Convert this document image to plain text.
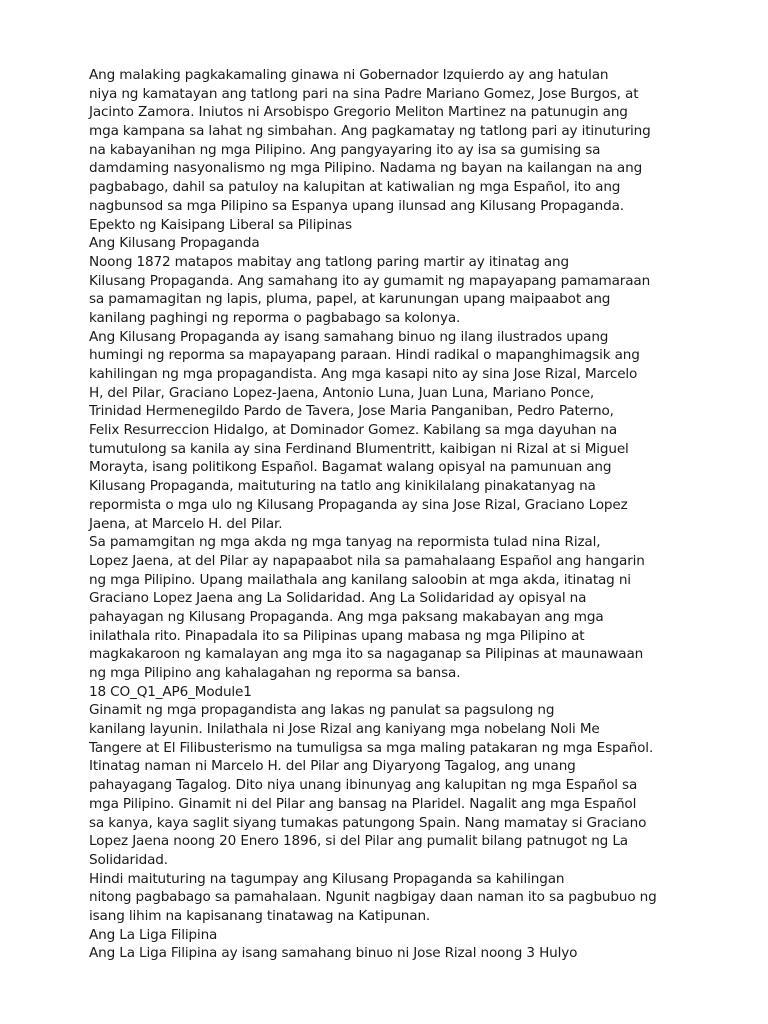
Ang malaking pagkakamaling ginawa ni Gobernador Izquierdo ay ang hatulan
niya ng kamatayan ang tatlong pari na sina Padre Mariano Gomez, Jose Burgos, at
Jacinto Zamora. Iniutos ni Arsobispo Gregorio Meliton Martinez na patunugin ang
mga kampana sa lahat ng simbahan. Ang pagkamatay ng tatlong pari ay itinuturing
na kabayanihan ng mga Pilipino. Ang pangyayaring ito ay isa sa gumising sa
damdaming nasyonalismo ng mga Pilipino. Nadama ng bayan na kailangan na ang
pagbabago, dahil sa patuloy na kalupitan at katiwalian ng mga Español, ito ang
nagbunsod sa mga Pilipino sa Espanya upang ilunsad ang Kilusang Propaganda.
Epekto ng Kaisipang Liberal sa Pilipinas
Ang Kilusang Propaganda
Noong 1872 matapos mabitay ang tatlong paring martir ay itinatag ang
Kilusang Propaganda. Ang samahang ito ay gumamit ng mapayapang pamamaraan
sa pamamagitan ng lapis, pluma, papel, at karunungan upang maipaabot ang
kanilang paghingi ng reporma o pagbabago sa kolonya.
Ang Kilusang Propaganda ay isang samahang binuo ng ilang ilustrados upang
humingi ng reporma sa mapayapang paraan. Hindi radikal o mapanghimagsik ang
kahilingan ng mga propagandista. Ang mga kasapi nito ay sina Jose Rizal, Marcelo
H, del Pilar, Graciano Lopez-Jaena, Antonio Luna, Juan Luna, Mariano Ponce,
Trinidad Hermenegildo Pardo de Tavera, Jose Maria Panganiban, Pedro Paterno,
Felix Resurreccion Hidalgo, at Dominador Gomez. Kabilang sa mga dayuhan na
tumutulong sa kanila ay sina Ferdinand Blumentritt, kaibigan ni Rizal at si Miguel
Morayta, isang politikong Español. Bagamat walang opisyal na pamunuan ang
Kilusang Propaganda, maituturing na tatlo ang kinikilalang pinakatanyag na
repormista o mga ulo ng Kilusang Propaganda ay sina Jose Rizal, Graciano Lopez
Jaena, at Marcelo H. del Pilar.
Sa pamamgitan ng mga akda ng mga tanyag na repormista tulad nina Rizal,
Lopez Jaena, at del Pilar ay napapaabot nila sa pamahalaang Español ang hangarin
ng mga Pilipino. Upang mailathala ang kanilang saloobin at mga akda, itinatag ni
Graciano Lopez Jaena ang La Solidaridad. Ang La Solidaridad ay opisyal na
pahayagan ng Kilusang Propaganda. Ang mga paksang makabayan ang mga
inilathala rito. Pinapadala ito sa Pilipinas upang mabasa ng mga Pilipino at
magkakaroon ng kamalayan ang mga ito sa nagaganap sa Pilipinas at maunawaan
ng mga Pilipino ang kahalagahan ng reporma sa bansa.
18 CO_Q1_AP6_Module1
Ginamit ng mga propagandista ang lakas ng panulat sa pagsulong ng
kanilang layunin. Inilathala ni Jose Rizal ang kaniyang mga nobelang Noli Me
Tangere at El Filibusterismo na tumuligsa sa mga maling patakaran ng mga Español.
Itinatag naman ni Marcelo H. del Pilar ang Diyaryong Tagalog, ang unang
pahayagang Tagalog. Dito niya unang ibinunyag ang kalupitan ng mga Español sa
mga Pilipino. Ginamit ni del Pilar ang bansag na Plaridel. Nagalit ang mga Español
sa kanya, kaya saglit siyang tumakas patungong Spain. Nang mamatay si Graciano
Lopez Jaena noong 20 Enero 1896, si del Pilar ang pumalit bilang patnugot ng La
Solidaridad.
Hindi maituturing na tagumpay ang Kilusang Propaganda sa kahilingan
nitong pagbabago sa pamahalaan. Ngunit nagbigay daan naman ito sa pagbubuo ng
isang lihim na kapisanang tinatawag na Katipunan.
Ang La Liga Filipina
Ang La Liga Filipina ay isang samahang binuo ni Jose Rizal noong 3 Hulyo
